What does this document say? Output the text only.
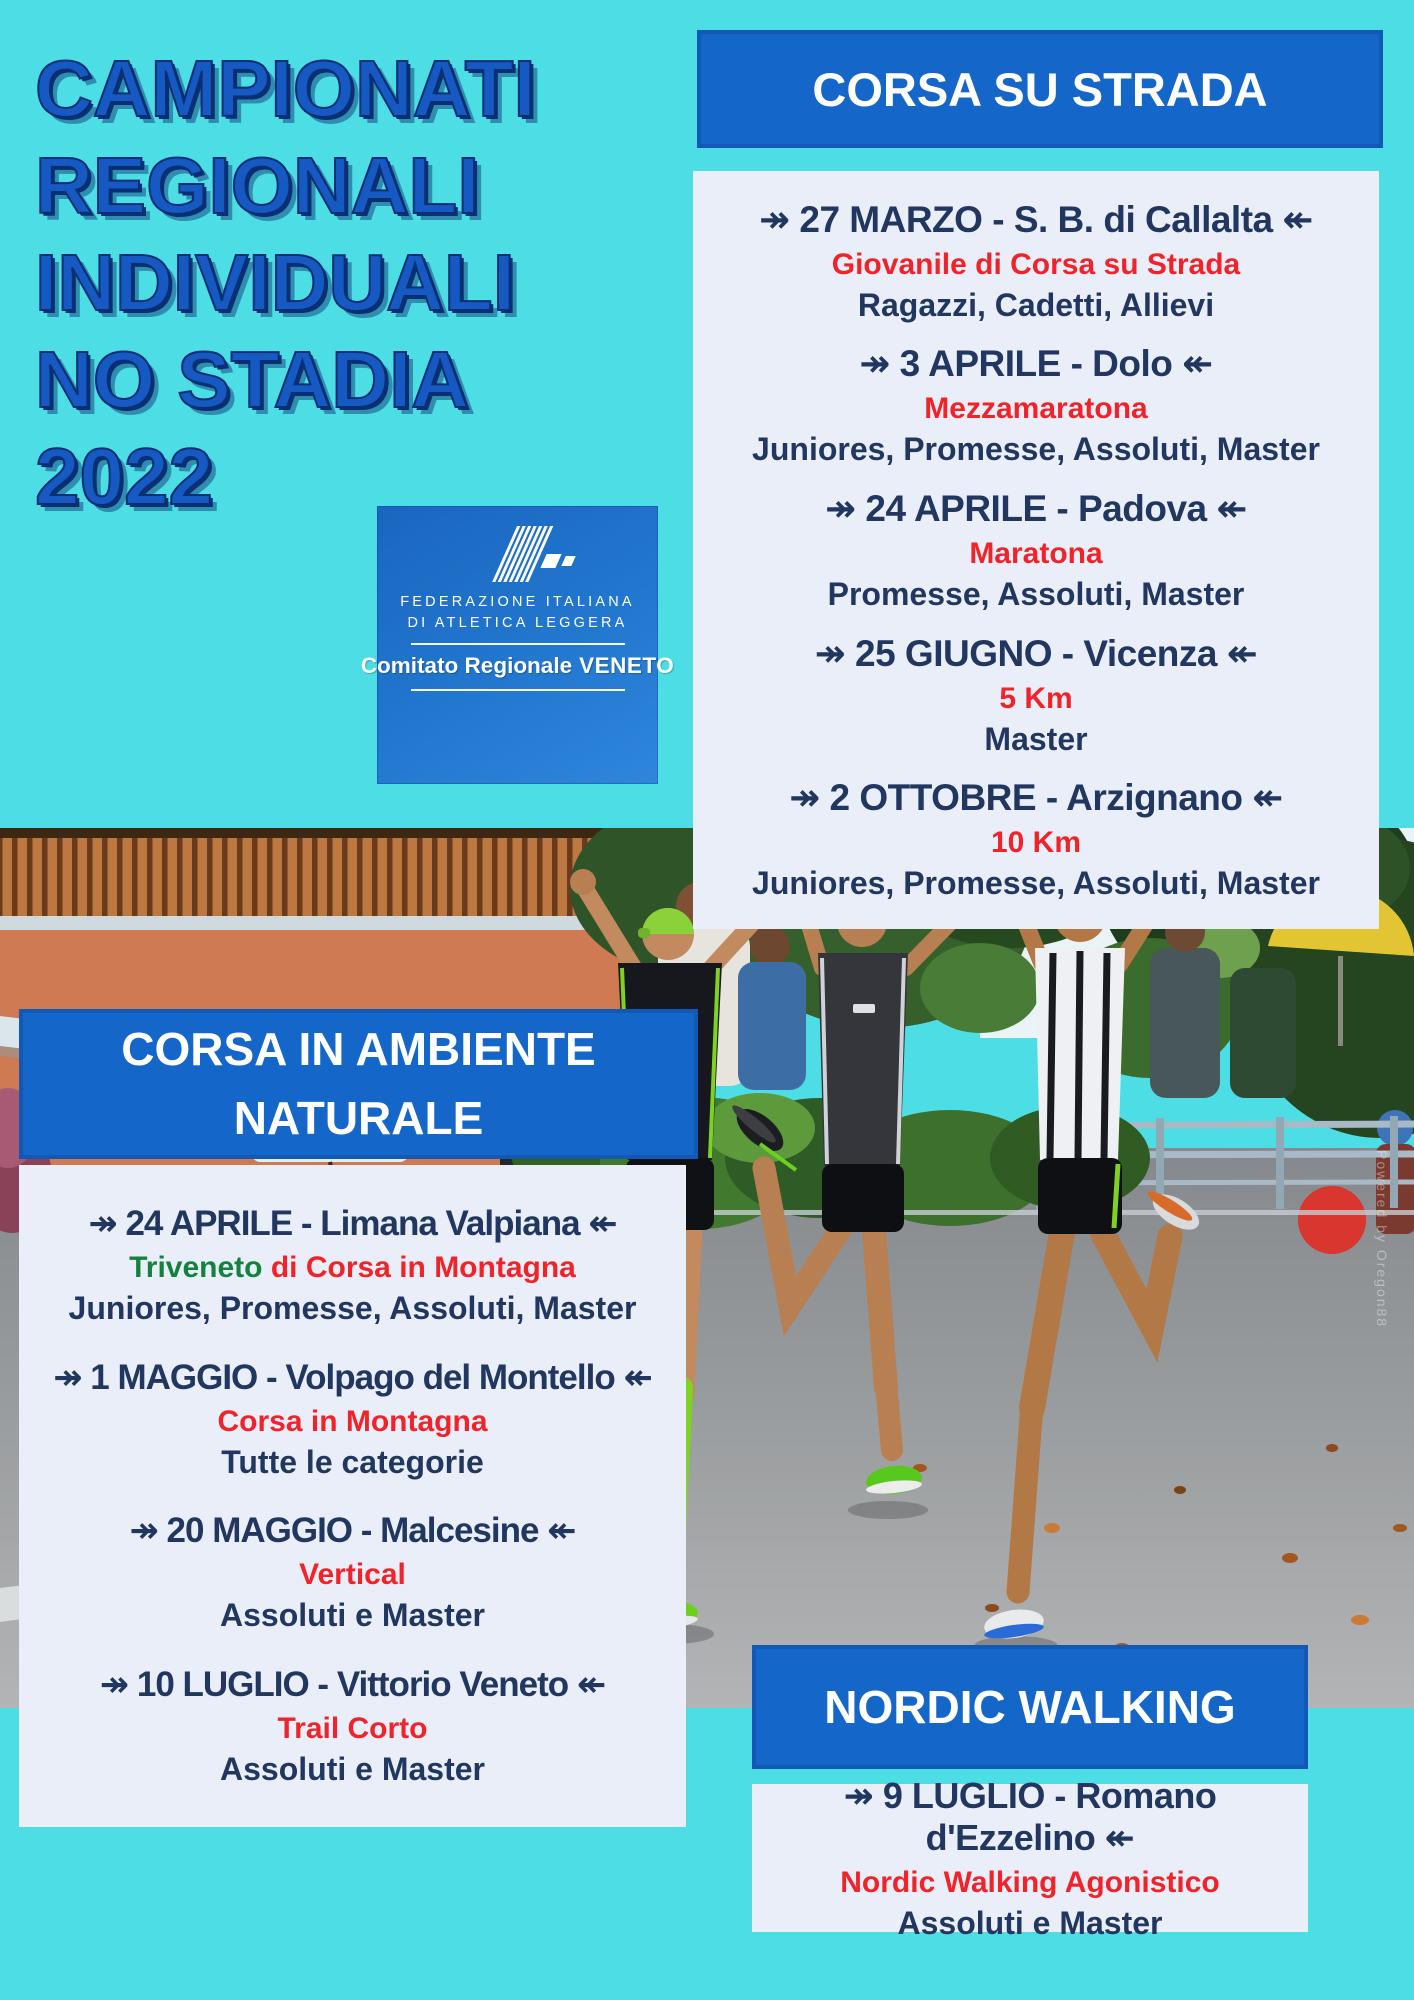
Powered by Oregon88
CAMPIONATI
REGIONALI
INDIVIDUALI
NO STADIA
2022
FEDERAZIONE ITALIANA
DI ATLETICA LEGGERA
Comitato Regionale VENETO
CORSA SU STRADA
↠ 27 MARZO - S. B. di Callalta ↞
Giovanile di Corsa su Strada
Ragazzi, Cadetti, Allievi
↠ 3 APRILE - Dolo ↞
Mezzamaratona
Juniores, Promesse, Assoluti, Master
↠ 24 APRILE - Padova ↞
Maratona
Promesse, Assoluti, Master
↠ 25 GIUGNO - Vicenza ↞
5 Km
Master
↠ 2 OTTOBRE - Arzignano ↞
10 Km
Juniores, Promesse, Assoluti, Master
CORSA IN AMBIENTE
NATURALE
↠ 24 APRILE - Limana Valpiana ↞
Triveneto di Corsa in Montagna
Juniores, Promesse, Assoluti, Master
↠ 1 MAGGIO - Volpago del Montello ↞
Corsa in Montagna
Tutte le categorie
↠ 20 MAGGIO - Malcesine ↞
Vertical
Assoluti e Master
↠ 10 LUGLIO - Vittorio Veneto ↞
Trail Corto
Assoluti e Master
NORDIC WALKING
↠ 9 LUGLIO - Romano d'Ezzelino ↞
Nordic Walking Agonistico
Assoluti e Master
